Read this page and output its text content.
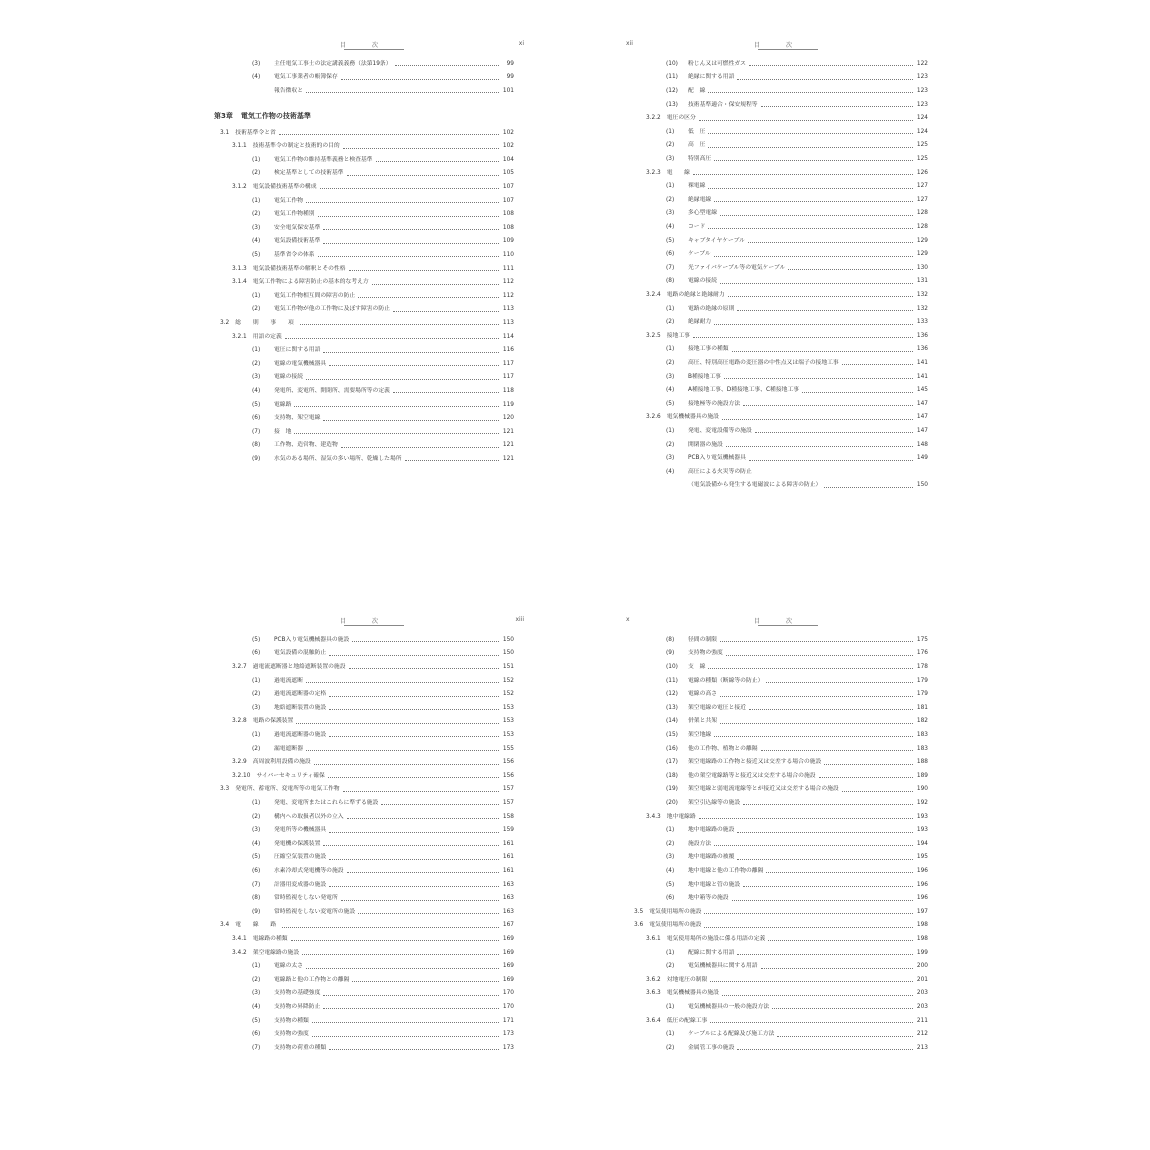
目　次	xi
(3)	主任電気工事士の法定講義義務（法第19条）	99
(4)	電気工事業者の帳簿保存	99
報告徴収と	101
第3章	電気工作物の技術基準
3.1	技術基準令と省	102
3.1.1	技術基準令の制定と技術的の目的	102
(1)	電気工作物の維持基準義務と検査基準	104
(2)	検定基準としての技術基準	105
3.1.2	電気設備技術基準の構成	107
(1)	電気工作物	107
(2)	電気工作物種別	108
(3)	安全電気保安基準	108
(4)	電気設備技術基準	109
(5)	基準省令の体系	110
3.1.3	電気設備技術基準の解釈とその性格	111
3.1.4	電気工作物による障害防止の基本的な考え方	112
(1)	電気工作物相互間の障害の防止	112
(2)	電気工作物が他の工作物に及ぼす障害の防止	113
3.2	総　則　事　項	113
3.2.1	用語の定義	114
(1)	電圧に関する用語	116
(2)	電線の電気機械器具	117
(3)	電線の接続	117
(4)	発電所、変電所、開閉所、需要場所等の定義	118
(5)	電線路	119
(6)	支持物、架空電線	120
(7)	接　地	121
(8)	工作物、造営物、建造物	121
(9)	水気のある場所、湿気の多い場所、乾燥した場所	121
xii	目　次
(10)	粉じん又は可燃性ガス	122
(11)	絶縁に関する用語	123
(12)	配　線	123
(13)	技術基準適合・保安規程等	123
3.2.2	電圧の区分	124
(1)	低　圧	124
(2)	高　圧	125
(3)	特別高圧	125
3.2.3	電　　線	126
(1)	裸電線	127
(2)	絶縁電線	127
(3)	多心型電線	128
(4)	コード	128
(5)	キャブタイヤケーブル	129
(6)	ケーブル	129
(7)	光ファイバケーブル等の電気ケーブル	130
(8)	電線の接続	131
3.2.4	電路の絶縁と絶縁耐力	132
(1)	電路の絶縁の原則	132
(2)	絶縁耐力	133
3.2.5	接地工事	136
(1)	接地工事の種類	136
(2)	高圧、特別高圧電路の変圧器の中性点又は端子の接地工事	141
(3)	B種接地工事	141
(4)	A種接地工事、D種接地工事、C種接地工事	145
(5)	接地極等の施設方法	147
3.2.6	電気機械器具の施設	147
(1)	発電、変電設備等の施設	147
(2)	開閉器の施設	148
(3)	PCB入り電気機械器具	149
(4)	高圧による火災等の防止
（電気設備から発生する電磁波による障害の防止）	150
目　次	xiii
(5)	PCB入り電気機械器具の施設	150
(6)	電気設備の混触防止	150
3.2.7	過電流遮断器と地絡遮断装置の施設	151
(1)	過電流遮断	152
(2)	過電流遮断器の定格	152
(3)	地絡遮断装置の施設	153
3.2.8	電路の保護装置	153
(1)	過電流遮断器の施設	153
(2)	漏電遮断器	155
3.2.9	高周波利用設備の施設	156
3.2.10	サイバーセキュリティ確保	156
3.3	発電所、蓄電所、変電所等の電気工作物	157
(1)	発電、変電所またはこれらに準ずる施設	157
(2)	構内への取扱者以外の立入	158
(3)	発電所等の機械器具	159
(4)	発電機の保護装置	161
(5)	圧縮空気装置の施設	161
(6)	水素冷却式発電機等の施設	161
(7)	計器用変成器の施設	163
(8)	常時監視をしない発電所	163
(9)	常時監視をしない変電所の施設	163
3.4	電　線　路	167
3.4.1	電線路の種類	169
3.4.2	架空電線路の施設	169
(1)	電線の太さ	169
(2)	電線路と他の工作物との離隔	169
(3)	支持物の基礎強度	170
(4)	支持物の昇降防止	170
(5)	支持物の種類	171
(6)	支持物の強度	173
(7)	支持物の荷重の種類	173
x	目　次
(8)	径間の制限	175
(9)	支持物の強度	176
(10)	支　線	178
(11)	電線の種類（断線等の防止）	179
(12)	電線の高さ	179
(13)	架空電線の電圧と接近	181
(14)	併架と共架	182
(15)	架空地線	183
(16)	他の工作物、植物との離隔	183
(17)	架空電線路の工作物と接近又は交差する場合の施設	188
(18)	他の架空電線路等と接近又は交差する場合の施設	189
(19)	架空電線と弱電流電線等とが接近又は交差する場合の施設	190
(20)	架空引込線等の施設	192
3.4.3	地中電線路	193
(1)	地中電線路の施設	193
(2)	施設方法	194
(3)	地中電線路の被覆	195
(4)	地中電線と他の工作物の離隔	196
(5)	地中電線と管の施設	196
(6)	地中箱等の施設	196
3.5	電気使用場所の施設	197
3.6	電気使用場所の施設	198
3.6.1	電気使用場所の施設に係る用語の定義	198
(1)	配線に関する用語	199
(2)	電気機械器具に関する用語	200
3.6.2	対地電圧の制限	201
3.6.3	電気機械器具の施設	203
(1)	電気機械器具の一般の施設方法	203
3.6.4	低圧の配線工事	211
(1)	ケーブルによる配線及び施工方法	212
(2)	金属管工事の施設	213
